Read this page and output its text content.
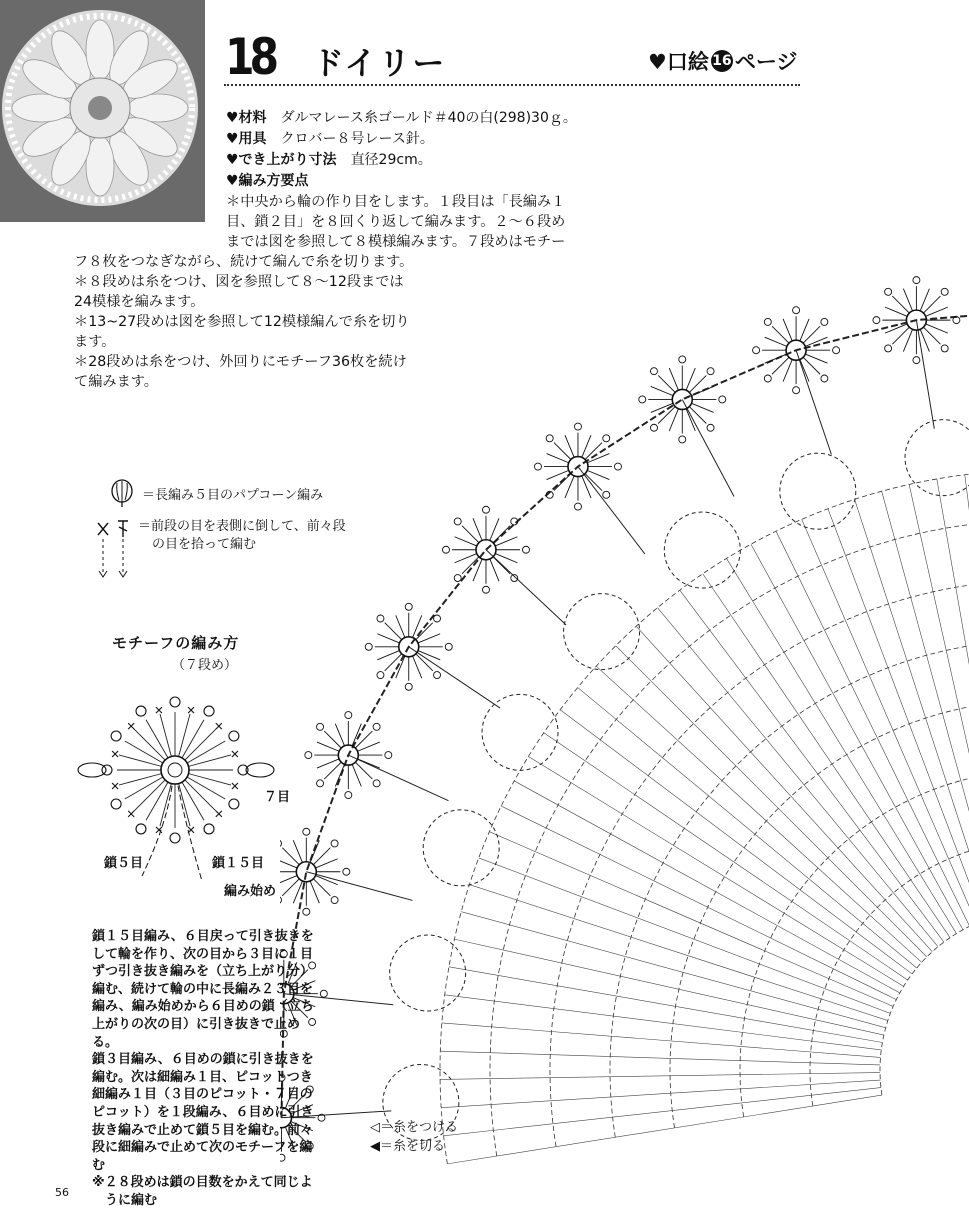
18 ドイリー	♥口絵 16 ページ
♥材料　 ダルマレース糸ゴールド＃40の白(298)30ｇ。
♥用具　 クロバー８号レース針。
♥でき上がり寸法　 直径29cm。
♥編み方要点
＊中央から輪の作り目をします。１段目は「長編み１
目、鎖２目」を８回くり返して編みます。２～６段め
までは図を参照して８模様編みます。７段めはモチー
フ８枚をつなぎながら、続けて編んで糸を切ります。
＊８段めは糸をつけ、図を参照して８～12段までは
24模様を編みます。
＊13~27段めは図を参照して12模様編んで糸を切り
ます。
＊28段めは糸をつけ、外回りにモチーフ36枚を続け
て編みます。
＝長編み５目のパプコーン編み
＝前段の目を表側に倒して、前々段
の目を拾って編む
モチーフの編み方
（７段め）
７目
鎖５目	鎖１５目
編み始め
鎖１５目編み、６目戻って引き抜きを
して輪を作り、次の目から３目に１目
ずつ引き抜き編みを（立ち上がり分）
編む、続けて輪の中に長編み２３目を
編み、編み始めから６目めの鎖（立ち
上がりの次の目）に引き抜きで止める。
鎖３目編み、６目めの鎖に引き抜きを
編む。次は細編み１目、ピコットつき
細編み１目（３目のピコット・７目の
ピコット）を１段編み、６目めに引き
抜き編みで止めて鎖５目を編む。前々
段に細編みで止めて次のモチーフを編
む
※２８段めは鎖の目数をかえて同じよ
　うに編む
◁＝糸をつける
◀＝糸を切る
56
